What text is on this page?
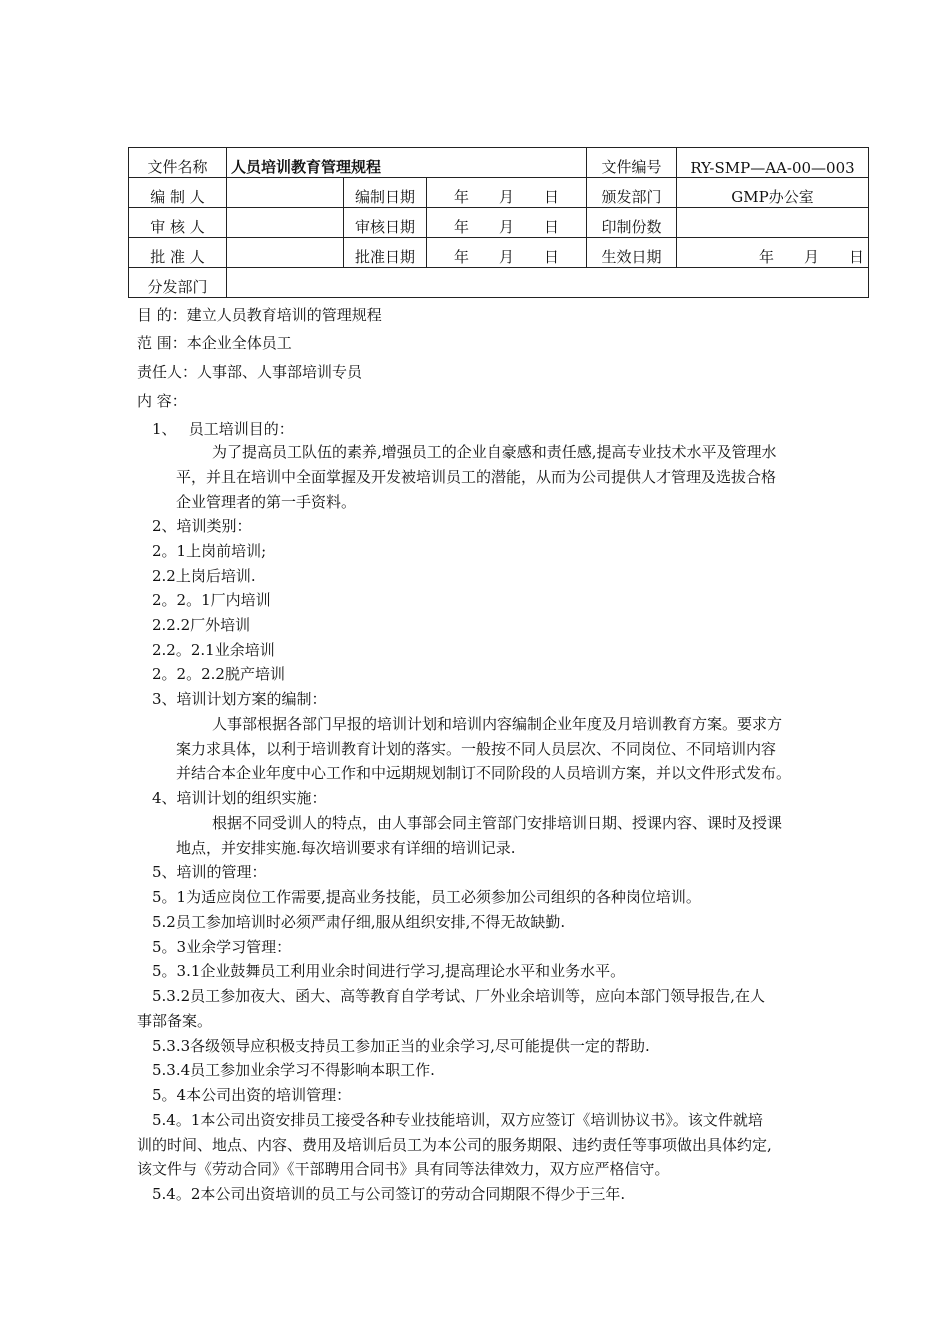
文件名称	人员培训教育管理规程			文件编号	RY-SMP—AA-00—003
编 制 人		编制日期	年　　月　　日	颁发部门	GMP办公室
审 核 人		审核日期	年　　月　　日	印制份数	
批 准 人		批准日期	年　　月　　日	生效日期	年　　月　　日
分发部门					
目 的：建立人员教育培训的管理规程
范 围：本企业全体员工
责任人：人事部、人事部培训专员
内 容：
1、　 员工培训目的：
为了提高员工队伍的素养,增强员工的企业自豪感和责任感,提高专业技术水平及管理水
平，并且在培训中全面掌握及开发被培训员工的潜能，从而为公司提供人才管理及选拔合格
企业管理者的第一手资料。
2、培训类别：
2。1上岗前培训;
2.2上岗后培训.
2。2。1厂内培训
2.2.2厂外培训
2.2。2.1业余培训
2。2。2.2脱产培训
3、培训计划方案的编制：
人事部根据各部门早报的培训计划和培训内容编制企业年度及月培训教育方案。要求方
案力求具体，以利于培训教育计划的落实。一般按不同人员层次、不同岗位、不同培训内容
并结合本企业年度中心工作和中远期规划制订不同阶段的人员培训方案，并以文件形式发布。
4、培训计划的组织实施：
根据不同受训人的特点，由人事部会同主管部门安排培训日期、授课内容、课时及授课
地点，并安排实施.每次培训要求有详细的培训记录.
5、培训的管理：
5。1为适应岗位工作需要,提高业务技能，员工必须参加公司组织的各种岗位培训。
5.2员工参加培训时必须严肃仔细,服从组织安排,不得无故缺勤.
5。3业余学习管理：
5。3.1企业鼓舞员工利用业余时间进行学习,提高理论水平和业务水平。
5.3.2员工参加夜大、函大、高等教育自学考试、厂外业余培训等，应向本部门领导报告,在人
事部备案。
5.3.3各级领导应积极支持员工参加正当的业余学习,尽可能提供一定的帮助.
5.3.4员工参加业余学习不得影响本职工作.
5。4本公司出资的培训管理：
5.4。1本公司出资安排员工接受各种专业技能培训，双方应签订《培训协议书》。该文件就培
训的时间、地点、内容、费用及培训后员工为本公司的服务期限、违约责任等事项做出具体约定,
该文件与《劳动合同》《干部聘用合同书》具有同等法律效力，双方应严格信守。
5.4。2本公司出资培训的员工与公司签订的劳动合同期限不得少于三年.
